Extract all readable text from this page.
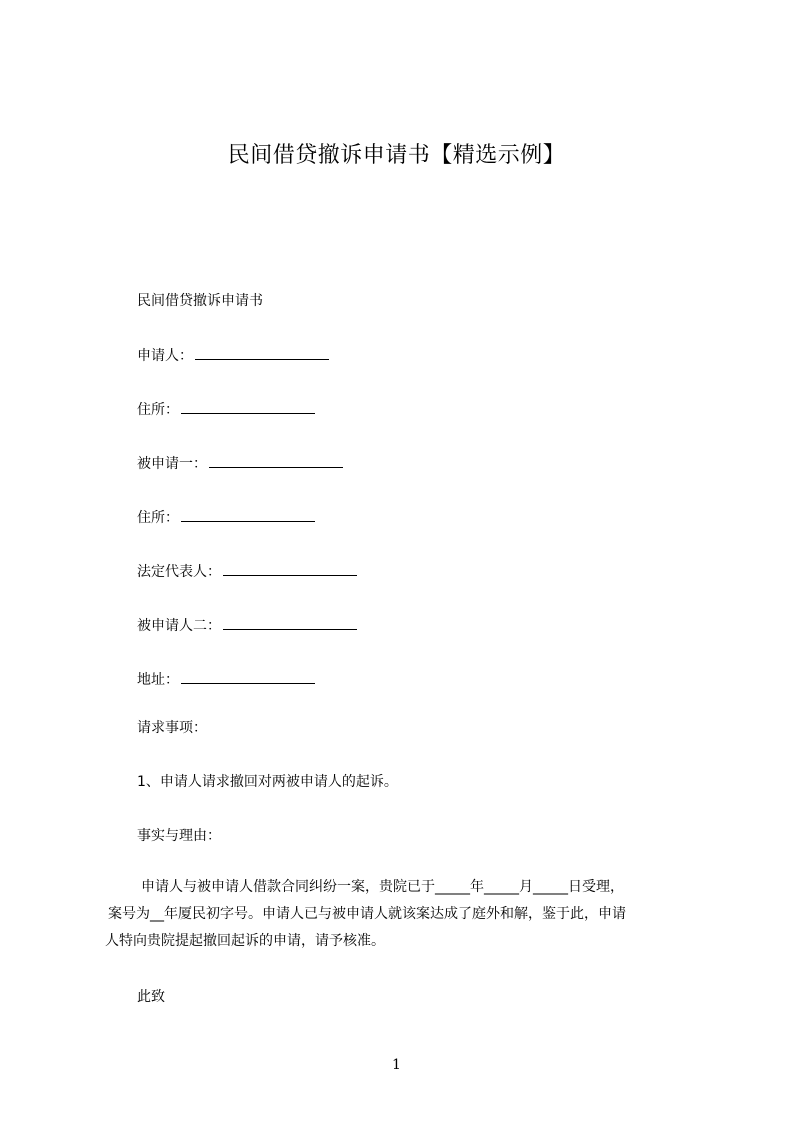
民间借贷撤诉申请书【精选示例】
民间借贷撤诉申请书
申请人：
住所：
被申请一：
住所：
法定代表人：
被申请人二：
地址：
请求事项：
1、申请人请求撤回对两被申请人的起诉。
事实与理由：
申请人与被申请人借款合同纠纷一案，贵院已于_____年_____月_____日受理，
案号为__年厦民初字号。申请人已与被申请人就该案达成了庭外和解，鉴于此，申请
人特向贵院提起撤回起诉的申请，请予核准。
此致
1
